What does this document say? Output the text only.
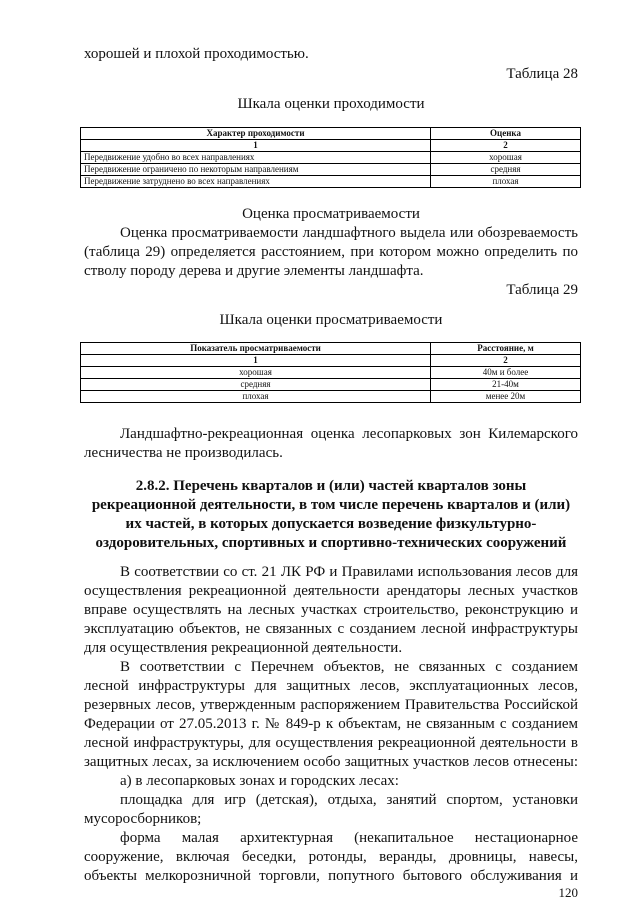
хорошей и плохой проходимостью.

Таблица 28

Шкала оценки проходимости

Характер проходимости	Оценка
1	2
Передвижение удобно во всех направлениях	хорошая
Передвижение ограничено по некоторым направлениям	средняя
Передвижение затруднено во всех направлениях	плохая

Оценка просматриваемости

Оценка просматриваемости ландшафтного выдела или обозреваемость

(таблица 29) определяется расстоянием, при котором можно определить по

стволу породу дерева и другие элементы ландшафта.

Таблица 29

Шкала оценки просматриваемости

Показатель просматриваемости	Расстояние, м
1	2
хорошая	40м и более
средняя	21-40м
плохая	менее 20м

Ландшафтно-рекреационная оценка лесопарковых зон Килемарского

лесничества не производилась.

2.8.2. Перечень кварталов и (или) частей кварталов зоны

рекреационной деятельности, в том числе перечень кварталов и (или)

их частей, в которых допускается возведение физкультурно-

оздоровительных, спортивных и спортивно-технических сооружений

В соответствии со ст. 21 ЛК РФ и Правилами использования лесов для

осуществления рекреационной деятельности арендаторы лесных участков

вправе осуществлять на лесных участках строительство, реконструкцию и

эксплуатацию объектов, не связанных с созданием лесной инфраструктуры

для осуществления рекреационной деятельности.

В соответствии с Перечнем объектов, не связанных с созданием

лесной инфраструктуры для защитных лесов, эксплуатационных лесов,

резервных лесов, утвержденным распоряжением Правительства Российской

Федерации от 27.05.2013 г. № 849-р к объектам, не связанным с созданием

лесной инфраструктуры, для осуществления рекреационной деятельности в

защитных лесах, за исключением особо защитных участков лесов отнесены:

а) в лесопарковых зонах и городских лесах:

площадка для игр (детская), отдыха, занятий спортом, установки

мусоросборников;

форма малая архитектурная (некапитальное нестационарное

сооружение, включая беседки, ротонды, веранды, дровницы, навесы,

объекты мелкорозничной торговли, попутного бытового обслуживания и

120
